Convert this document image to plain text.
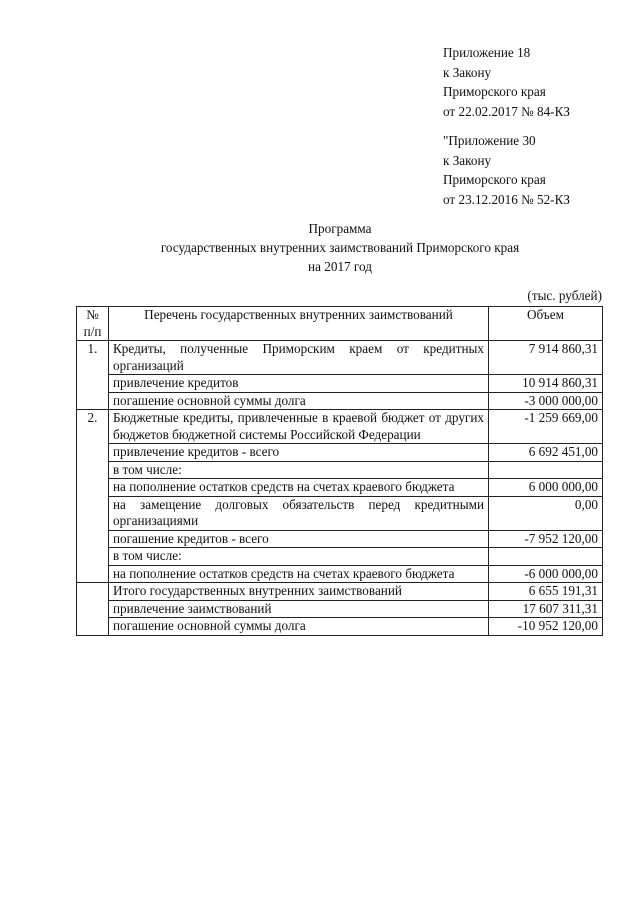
Приложение 18
к Закону
Приморского края
от 22.02.2017 № 84-КЗ
"Приложение 30
к Закону
Приморского края
от 23.12.2016 № 52-КЗ
Программа
государственных внутренних заимствований Приморского края
на 2017 год
(тыс. рублей)
№ п/п	Перечень государственных внутренних заимствований	Объем
1.	Кредиты, полученные Приморским краем от кредитных организаций	7 914 860,31
	привлечение кредитов	10 914 860,31
	погашение основной суммы долга	-3 000 000,00
2.	Бюджетные кредиты, привлеченные в краевой бюджет от других бюджетов бюджетной системы Российской Федерации	-1 259 669,00
	привлечение кредитов - всего	6 692 451,00
	в том числе:	
	на пополнение остатков средств на счетах краевого бюджета	6 000 000,00
	на замещение долговых обязательств перед кредитными организациями	0,00
	погашение кредитов - всего	-7 952 120,00
	в том числе:	
	на пополнение остатков средств на счетах краевого бюджета	-6 000 000,00
	Итого государственных внутренних заимствований	6 655 191,31
	привлечение заимствований	17 607 311,31
	погашение основной суммы долга	-10 952 120,00
